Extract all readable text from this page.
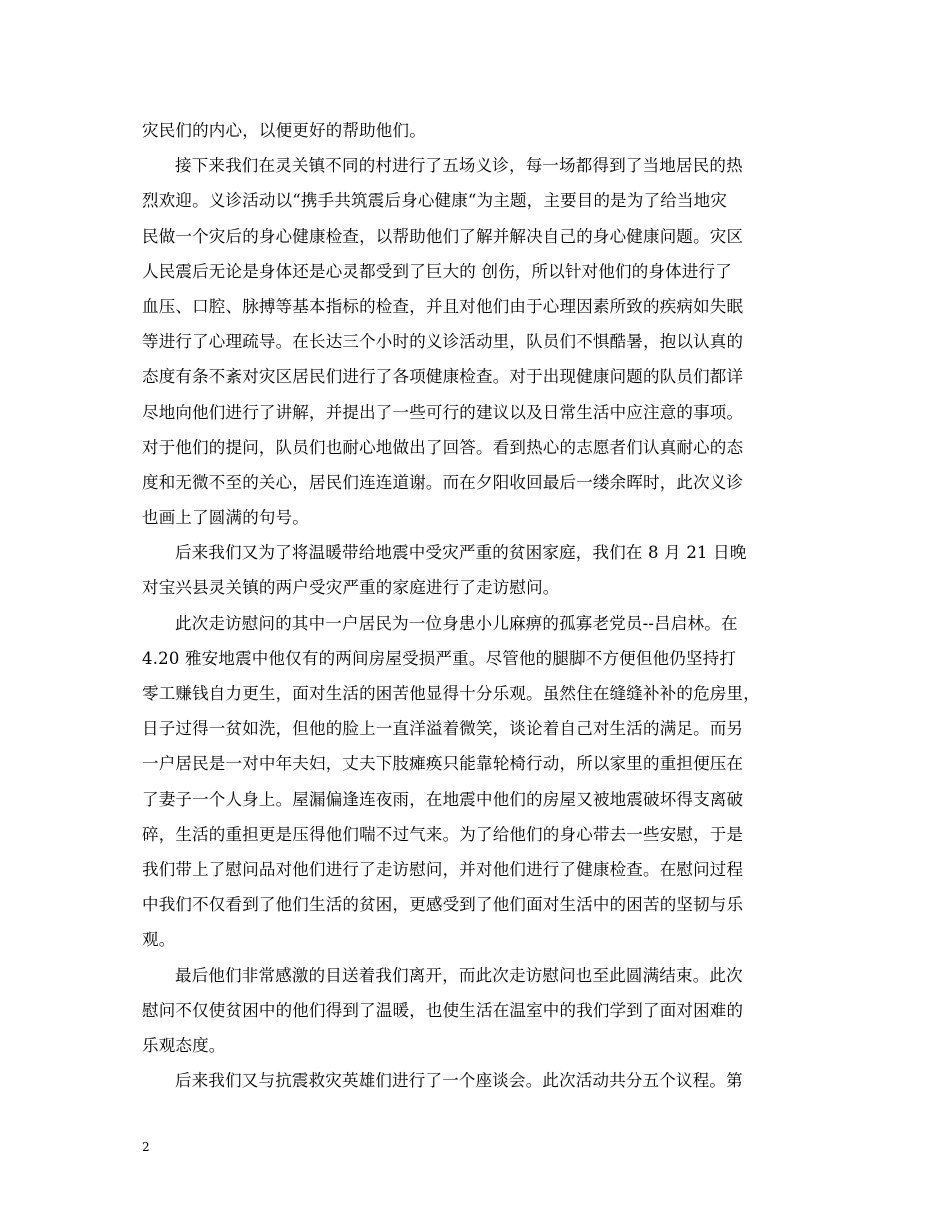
灾民们的内心，以便更好的帮助他们。
接下来我们在灵关镇不同的村进行了五场义诊，每一场都得到了当地居民的热
烈欢迎。义诊活动以“携手共筑震后身心健康“为主题，主要目的是为了给当地灾
民做一个灾后的身心健康检查，以帮助他们了解并解决自己的身心健康问题。灾区
人民震后无论是身体还是心灵都受到了巨大的 创伤，所以针对他们的身体进行了
血压、口腔、脉搏等基本指标的检查，并且对他们由于心理因素所致的疾病如失眠
等进行了心理疏导。在长达三个小时的义诊活动里，队员们不惧酷暑，抱以认真的
态度有条不紊对灾区居民们进行了各项健康检查。对于出现健康问题的队员们都详
尽地向他们进行了讲解，并提出了一些可行的建议以及日常生活中应注意的事项。
对于他们的提问，队员们也耐心地做出了回答。看到热心的志愿者们认真耐心的态
度和无微不至的关心，居民们连连道谢。而在夕阳收回最后一缕余晖时，此次义诊
也画上了圆满的句号。
后来我们又为了将温暖带给地震中受灾严重的贫困家庭，我们在 8 月 21 日晚
对宝兴县灵关镇的两户受灾严重的家庭进行了走访慰问。
此次走访慰问的其中一户居民为一位身患小儿麻痹的孤寡老党员--吕启林。在
4.20 雅安地震中他仅有的两间房屋受损严重。尽管他的腿脚不方便但他仍坚持打
零工赚钱自力更生，面对生活的困苦他显得十分乐观。虽然住在缝缝补补的危房里，
日子过得一贫如洗，但他的脸上一直洋溢着微笑，谈论着自己对生活的满足。而另
一户居民是一对中年夫妇，丈夫下肢瘫痪只能靠轮椅行动，所以家里的重担便压在
了妻子一个人身上。屋漏偏逢连夜雨，在地震中他们的房屋又被地震破坏得支离破
碎，生活的重担更是压得他们喘不过气来。为了给他们的身心带去一些安慰，于是
我们带上了慰问品对他们进行了走访慰问，并对他们进行了健康检查。在慰问过程
中我们不仅看到了他们生活的贫困，更感受到了他们面对生活中的困苦的坚韧与乐
观。
最后他们非常感激的目送着我们离开，而此次走访慰问也至此圆满结束。此次
慰问不仅使贫困中的他们得到了温暖，也使生活在温室中的我们学到了面对困难的
乐观态度。
后来我们又与抗震救灾英雄们进行了一个座谈会。此次活动共分五个议程。第
2
